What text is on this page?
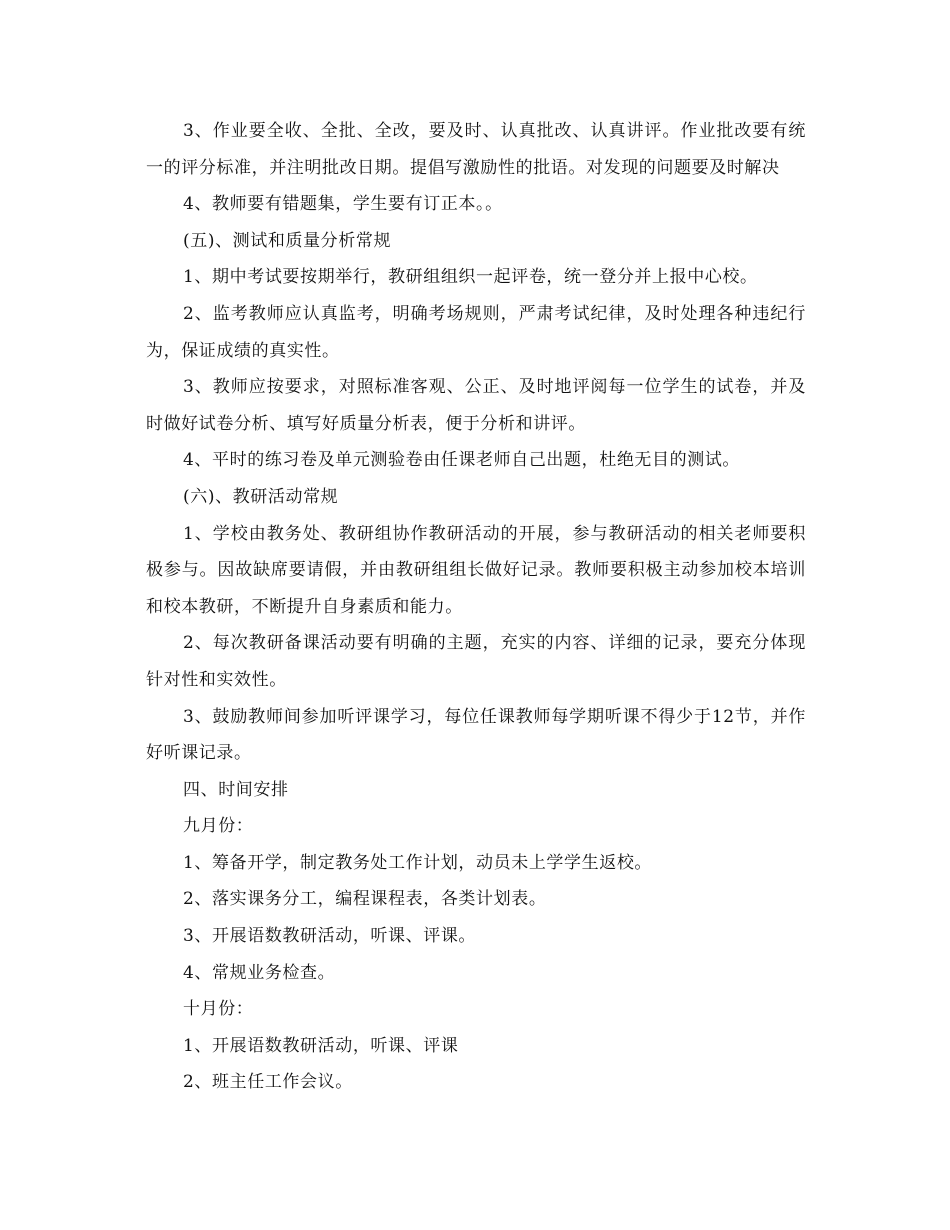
3、作业要全收、全批、全改，要及时、认真批改、认真讲评。作业批改要有统一的评分标准，并注明批改日期。提倡写激励性的批语。对发现的问题要及时解决

4、教师要有错题集，学生要有订正本。。

(五)、测试和质量分析常规

1、期中考试要按期举行，教研组组织一起评卷，统一登分并上报中心校。

2、监考教师应认真监考，明确考场规则，严肃考试纪律，及时处理各种违纪行为，保证成绩的真实性。

3、教师应按要求，对照标准客观、公正、及时地评阅每一位学生的试卷，并及时做好试卷分析、填写好质量分析表，便于分析和讲评。

4、平时的练习卷及单元测验卷由任课老师自己出题，杜绝无目的测试。

(六)、教研活动常规

1、学校由教务处、教研组协作教研活动的开展，参与教研活动的相关老师要积极参与。因故缺席要请假，并由教研组组长做好记录。教师要积极主动参加校本培训和校本教研，不断提升自身素质和能力。

2、每次教研备课活动要有明确的主题，充实的内容、详细的记录，要充分体现针对性和实效性。

3、鼓励教师间参加听评课学习，每位任课教师每学期听课不得少于12节，并作好听课记录。

四、时间安排

九月份：

1、筹备开学，制定教务处工作计划，动员未上学学生返校。

2、落实课务分工，编程课程表，各类计划表。

3、开展语数教研活动，听课、评课。

4、常规业务检查。

十月份：

1、开展语数教研活动，听课、评课

2、班主任工作会议。
